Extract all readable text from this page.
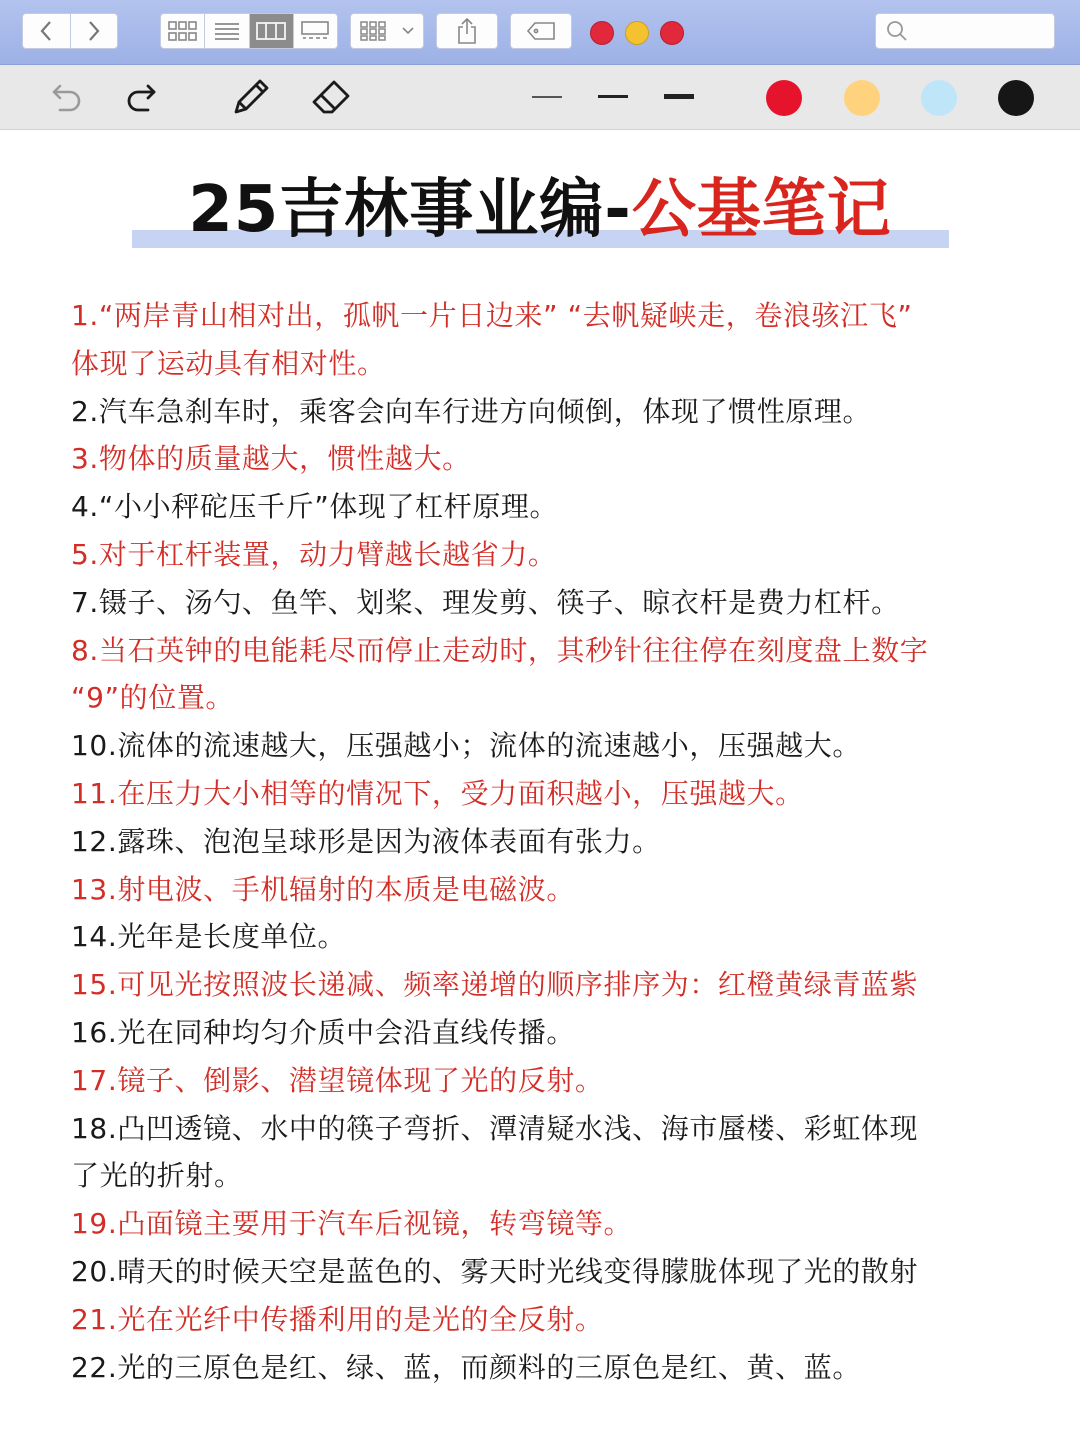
25吉林事业编-公基笔记
1.“两岸青山相对出，孤帆一片日边来” “去帆疑峡走，卷浪骇江飞”
体现了运动具有相对性。
2.汽车急刹车时，乘客会向车行进方向倾倒，体现了惯性原理。
3.物体的质量越大，惯性越大。
4.“小小秤砣压千斤”体现了杠杆原理。
5.对于杠杆装置，动力臂越长越省力。
7.镊子、汤勺、鱼竿、划桨、理发剪、筷子、晾衣杆是费力杠杆。
8.当石英钟的电能耗尽而停止走动时，其秒针往往停在刻度盘上数字
“9”的位置。
10.流体的流速越大，压强越小；流体的流速越小，压强越大。
11.在压力大小相等的情况下，受力面积越小，压强越大。
12.露珠、泡泡呈球形是因为液体表面有张力。
13.射电波、手机辐射的本质是电磁波。
14.光年是长度单位。
15.可见光按照波长递减、频率递增的顺序排序为：红橙黄绿青蓝紫
16.光在同种均匀介质中会沿直线传播。
17.镜子、倒影、潜望镜体现了光的反射。
18.凸凹透镜、水中的筷子弯折、潭清疑水浅、海市蜃楼、彩虹体现
了光的折射。
19.凸面镜主要用于汽车后视镜，转弯镜等。
20.晴天的时候天空是蓝色的、雾天时光线变得朦胧体现了光的散射
21.光在光纤中传播利用的是光的全反射。
22.光的三原色是红、绿、蓝，而颜料的三原色是红、黄、蓝。
